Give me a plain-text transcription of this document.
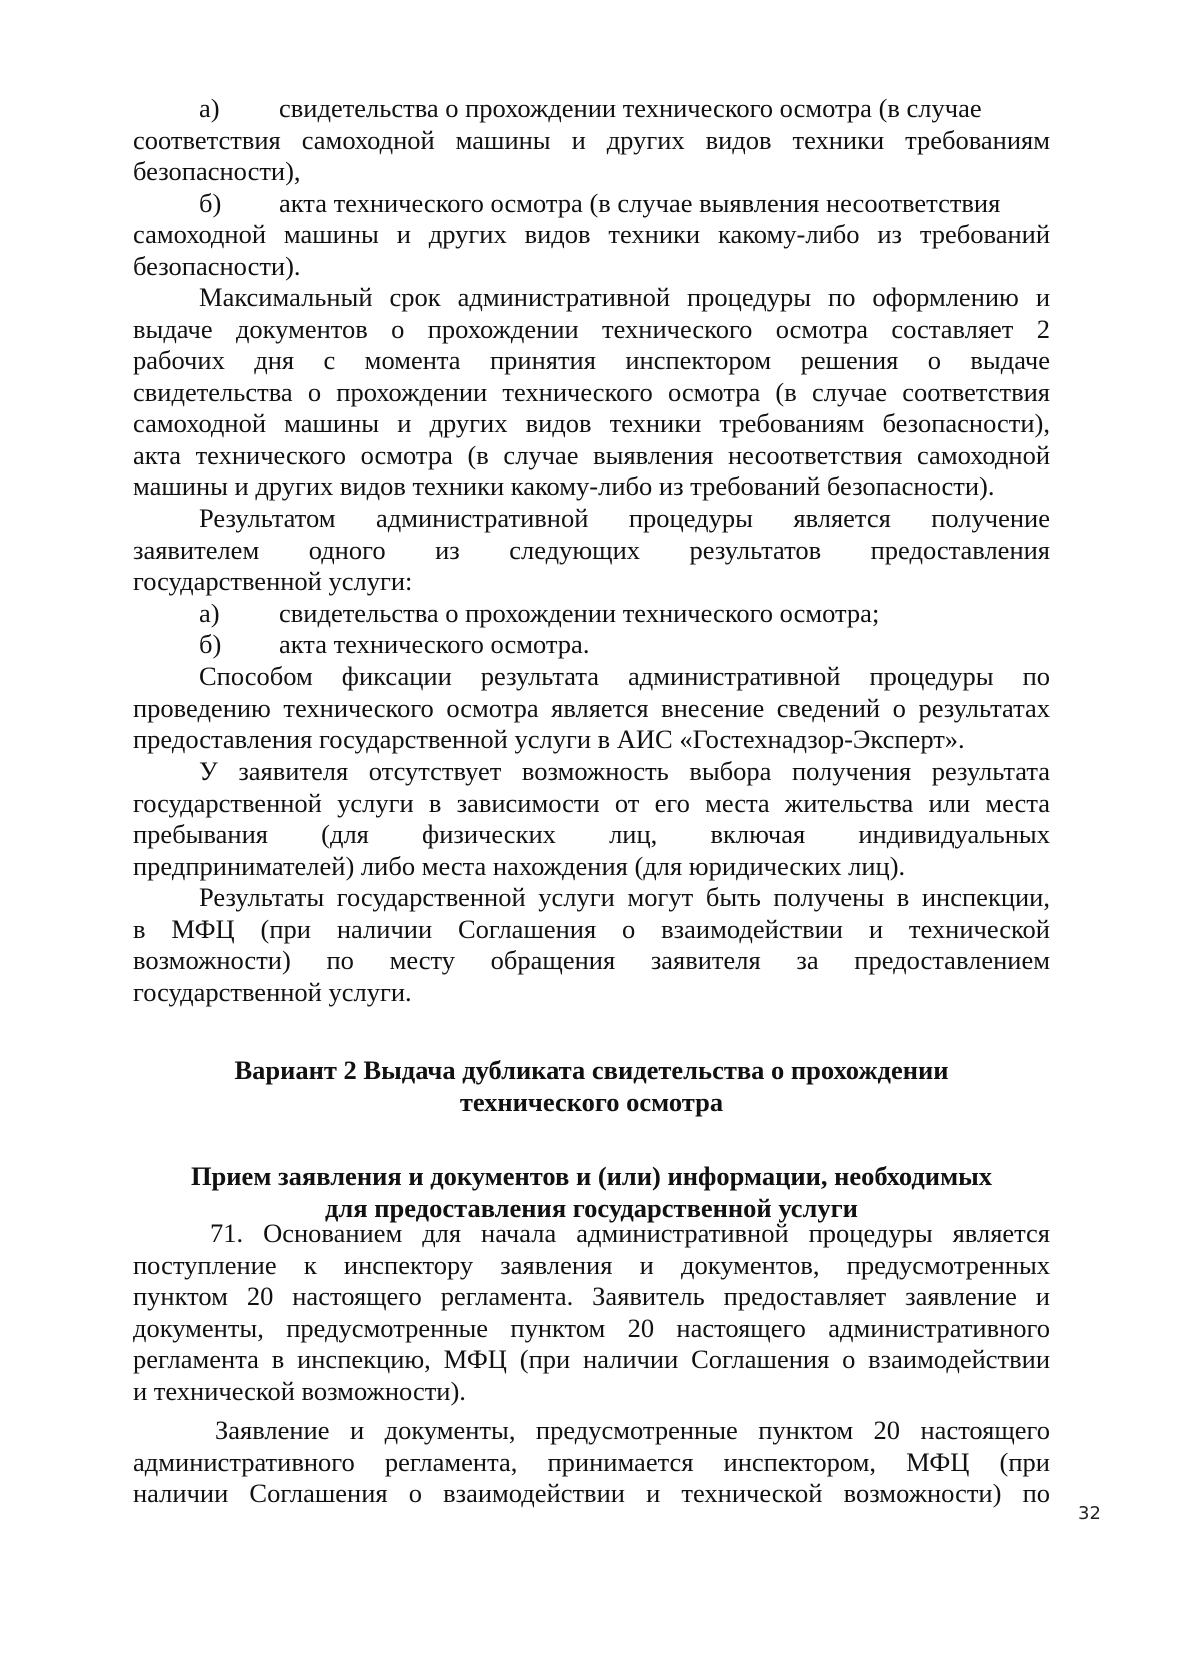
а) свидетельства о прохождении технического осмотра (в случае
соответствия самоходной машины и других видов техники требованиям
безопасности),
б) акта технического осмотра (в случае выявления несоответствия
самоходной машины и других видов техники какому-либо из требований
безопасности).
Максимальный срок административной процедуры по оформлению и
выдаче документов о прохождении технического осмотра составляет 2
рабочих дня с момента принятия инспектором решения о выдаче
свидетельства о прохождении технического осмотра (в случае соответствия
самоходной машины и других видов техники требованиям безопасности),
акта технического осмотра (в случае выявления несоответствия самоходной
машины и других видов техники какому-либо из требований безопасности).
Результатом административной процедуры является получение
заявителем одного из следующих результатов предоставления
государственной услуги:
а) свидетельства о прохождении технического осмотра;
б) акта технического осмотра.
Способом фиксации результата административной процедуры по
проведению технического осмотра является внесение сведений о результатах
предоставления государственной услуги в АИС «Гостехнадзор-Эксперт».
У заявителя отсутствует возможность выбора получения результата
государственной услуги в зависимости от его места жительства или места
пребывания (для физических лиц, включая индивидуальных
предпринимателей) либо места нахождения (для юридических лиц).
Результаты государственной услуги могут быть получены в инспекции,
в МФЦ (при наличии Соглашения о взаимодействии и технической
возможности) по месту обращения заявителя за предоставлением
государственной услуги.
Вариант 2 Выдача дубликата свидетельства о прохождении
технического осмотра
Прием заявления и документов и (или) информации, необходимых
для предоставления государственной услуги
71. Основанием для начала административной процедуры является
поступление к инспектору заявления и документов, предусмотренных
пунктом 20 настоящего регламента. Заявитель предоставляет заявление и
документы, предусмотренные пунктом 20 настоящего административного
регламента в инспекцию, МФЦ (при наличии Соглашения о взаимодействии
и технической возможности).
Заявление и документы, предусмотренные пунктом 20 настоящего
административного регламента, принимается инспектором, МФЦ (при
наличии Соглашения о взаимодействии и технической возможности) по
32
